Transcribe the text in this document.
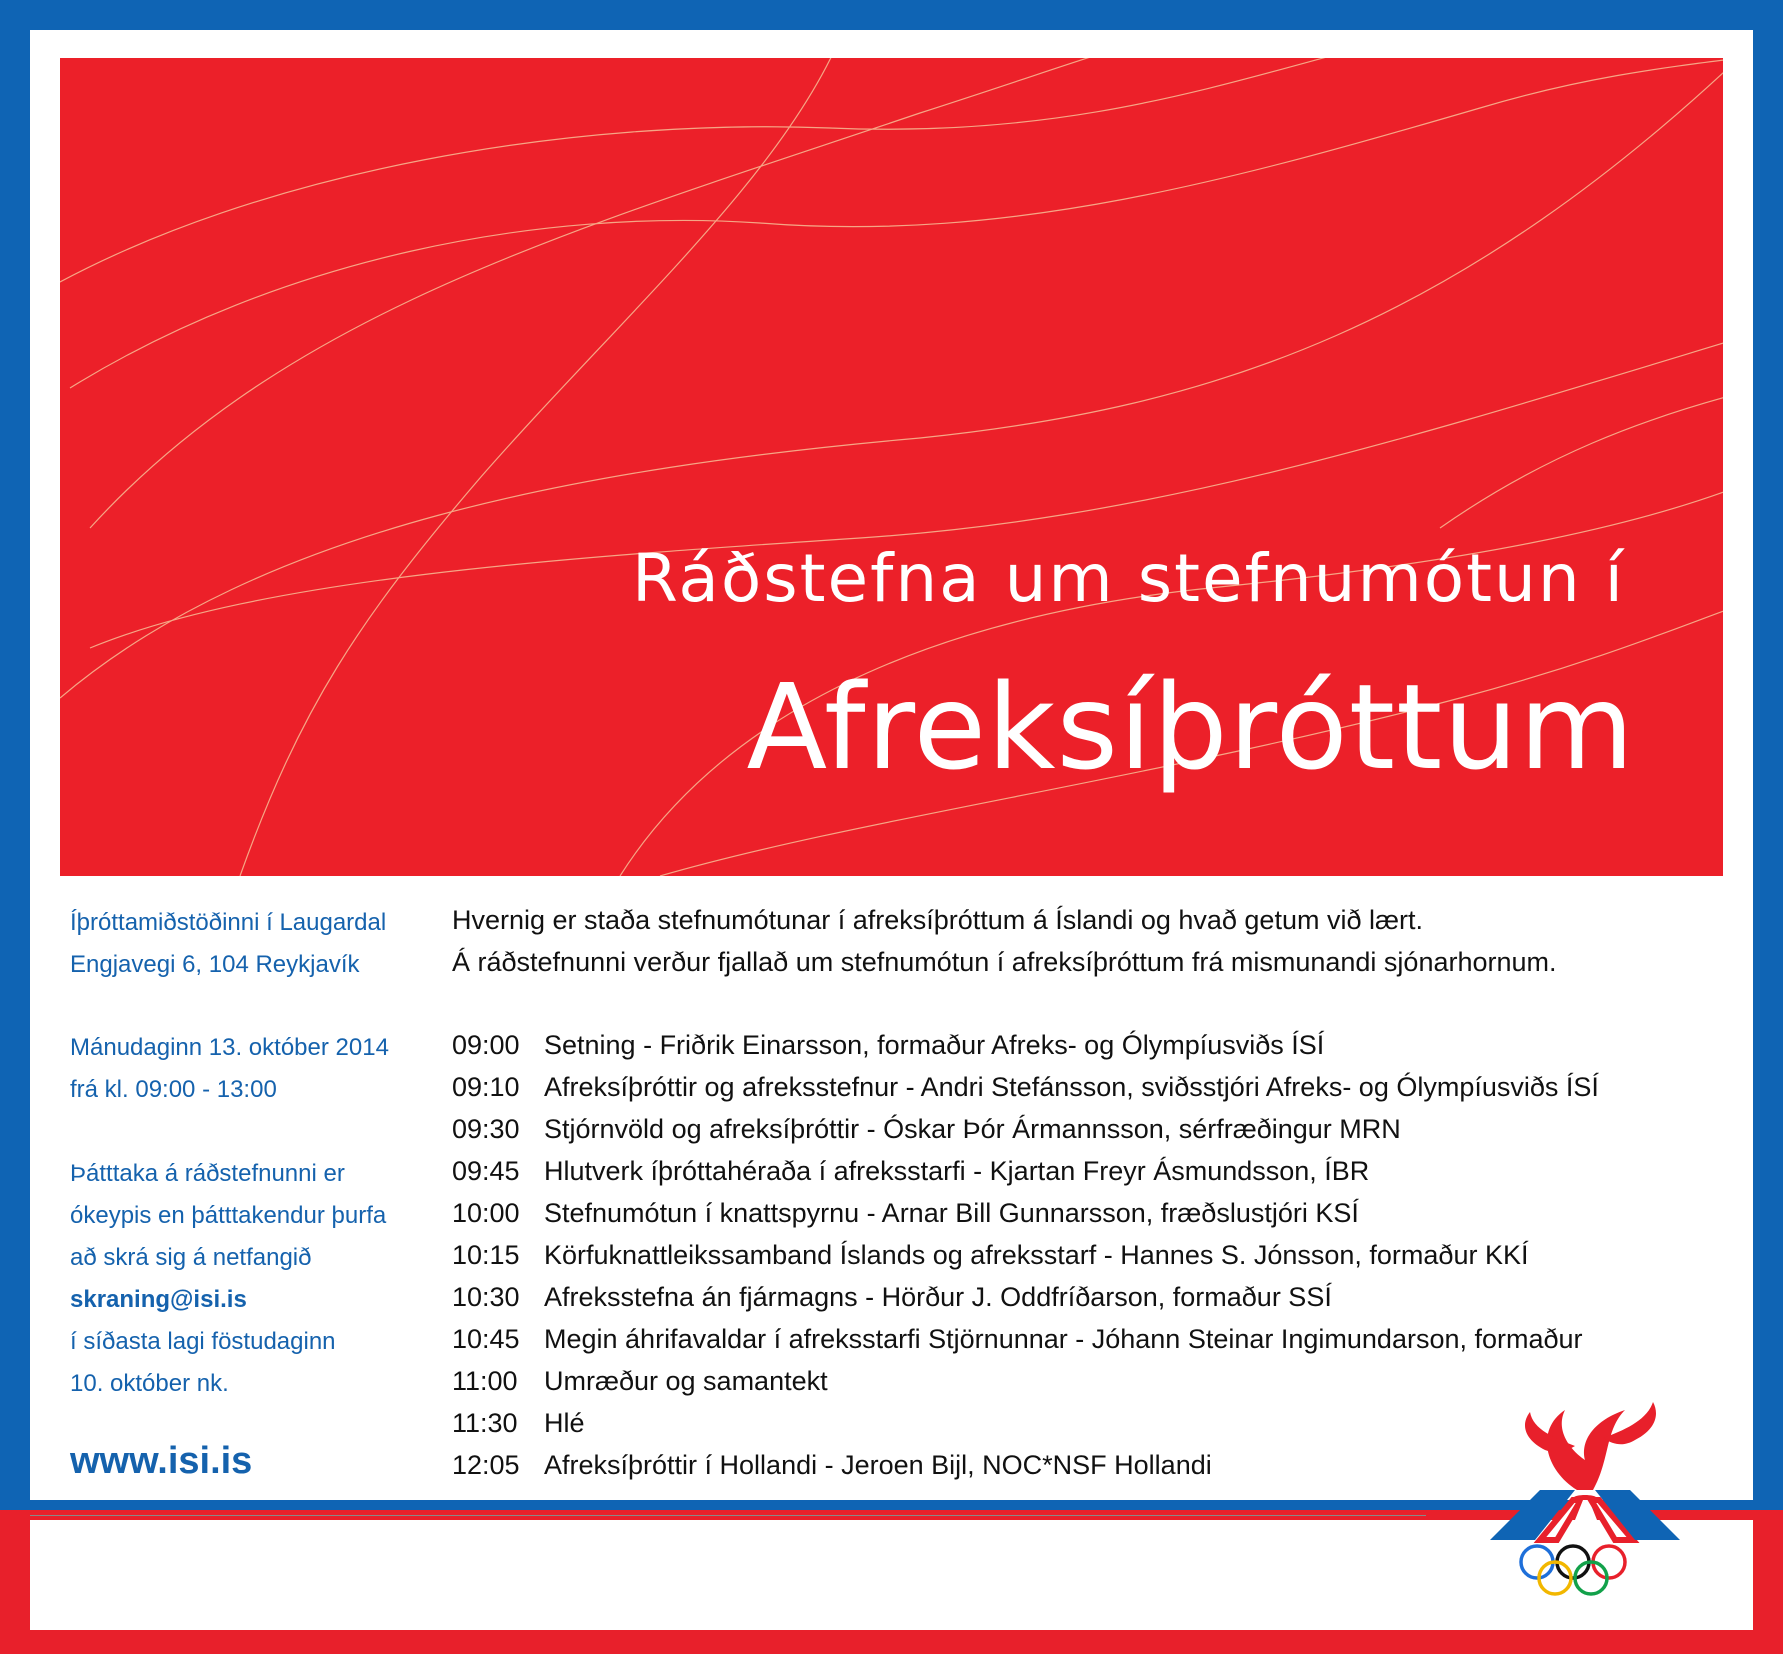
Ráðstefna um stefnumótun í
Afreksíþróttum
Íþróttamiðstöðinni í Laugardal
Engjavegi 6, 104 Reykjavík
Mánudaginn 13. október 2014
frá kl. 09:00 - 13:00
Þátttaka á ráðstefnunni er
ókeypis en þátttakendur þurfa
að skrá sig á netfangið
skraning@isi.is
í síðasta lagi föstudaginn
10. október nk.
www.isi.is
Hvernig er staða stefnumótunar í afreksíþróttum á Íslandi og hvað getum við lært.
Á ráðstefnunni verður fjallað um stefnumótun í afreksíþróttum frá mismunandi sjónarhornum.
09:00 Setning - Friðrik Einarsson, formaður Afreks- og Ólympíusviðs ÍSÍ
09:10 Afreksíþróttir og afreksstefnur - Andri Stefánsson, sviðsstjóri Afreks- og Ólympíusviðs ÍSÍ
09:30 Stjórnvöld og afreksíþróttir - Óskar Þór Ármannsson, sérfræðingur MRN
09:45 Hlutverk íþróttahéraða í afreksstarfi - Kjartan Freyr Ásmundsson, ÍBR
10:00 Stefnumótun í knattspyrnu - Arnar Bill Gunnarsson, fræðslustjóri KSÍ
10:15 Körfuknattleikssamband Íslands og afreksstarf - Hannes S. Jónsson, formaður KKÍ
10:30 Afreksstefna án fjármagns - Hörður J. Oddfríðarson, formaður SSÍ
10:45 Megin áhrifavaldar í afreksstarfi Stjörnunnar - Jóhann Steinar Ingimundarson, formaður
11:00 Umræður og samantekt
11:30 Hlé
12:05 Afreksíþróttir í Hollandi - Jeroen Bijl, NOC*NSF Hollandi
